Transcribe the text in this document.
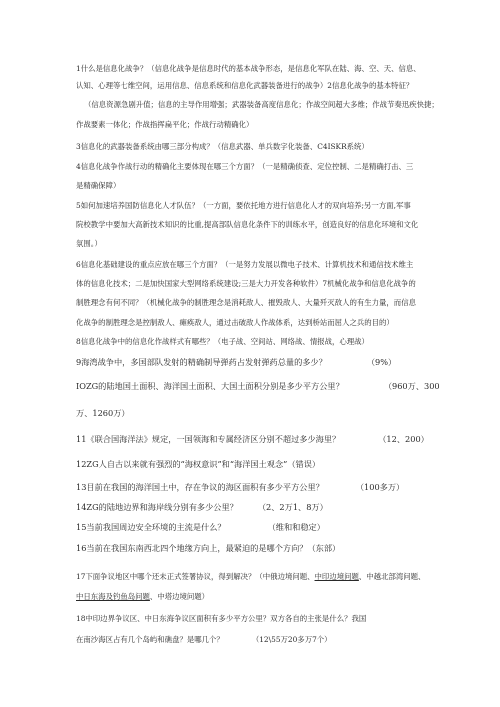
1什么是信息化战争？（信息化战争是信息时代的基本战争形态，是信息化军队在陆、海、空、天、信息、
认知、心理等七维空间，运用信息、信息系统和信息化武器装备进行的战争）2信息化战争的基本特征？
（信息资源急剧升值；信息的主导作用增强；武器装备高度信息化；作战空间超大多维；作战节奏迅疾快捷；
作战要素一体化；作战指挥扁平化；作战行动精确化）
3信息化的武器装备系统由哪三部分构成？（信息武器、单兵数字化装备、C4ISKR系统）
4信息化战争作战行动的精确化主要体现在哪三个方面？（一是精确侦查、定位控制、二是精确打击、三
是精确保障）
5如何加速培养国防信息化人才队伍？（一方面，要依托地方进行信息化人才的双向培养;另一方面,军事
院校教学中要加大高新技术知识的比重,提高部队信息化条件下的训练水平，创造良好的信息化环境和文化
氛围。）
6信息化基础建设的重点应放在哪三个方面？（一是努力发展以微电子技术、计算机技术和通信技术维主
体的信息化技术；二是加快国家大型网络系统建设;三是大力开发各种软件）7机械化战争和信息化战争的
制胜理念有何不同？（机械化战争的制胜理念是消耗敌人、摧毁敌人、大量歼灭敌人的有生力量，而信息
化战争的制胜理念是控制敌人、瘫痪敌人，通过击破敌人作战体系，达到桥站而屈人之兵的目的）
8信息化战争中的信息化作战样式有哪些？（电子战、空间站、网络战、情报战，心理战）
9海湾战争中，多国部队发射的精确制导弹药占发射弹药总量的多少？	（9%）
IOZG的陆地国土面积、海洋国土面积、大国土面积分别是多少平方公里？	（960万、300
万、1260万）
11《联合国海洋法》规定，一国领海和专属经济区分别不超过多少海里？	（12、200）
12ZG人自古以来就有强烈的“海权意识”和“海洋国土观念”（错误）
13目前在我国的海洋国土中，存在争议的海区面积有多少平方公里？	（100多万）
14ZG的陆地边界和海岸线分别有多少公里？ （2、2万1、8万）
15当前我国周边安全环境的主流是什么？	（维和和稳定）
16当前在我国东南西北四个地缘方向上，最紧迫的是哪个方向？（东部）
17下面争议地区中哪个还未正式签署协议，得到解决？（中俄边境问题、中印边境问题、中越北部湾问题、
中日东海及钓鱼岛问题、中塔边境问题）
18中印边界争议区、中日东海争议区面积有多少平方公里？双方各自的主张是什么？我国
在南沙海区占有几个岛屿和礁盘？是哪几个？	（12\55万20多万7个）
